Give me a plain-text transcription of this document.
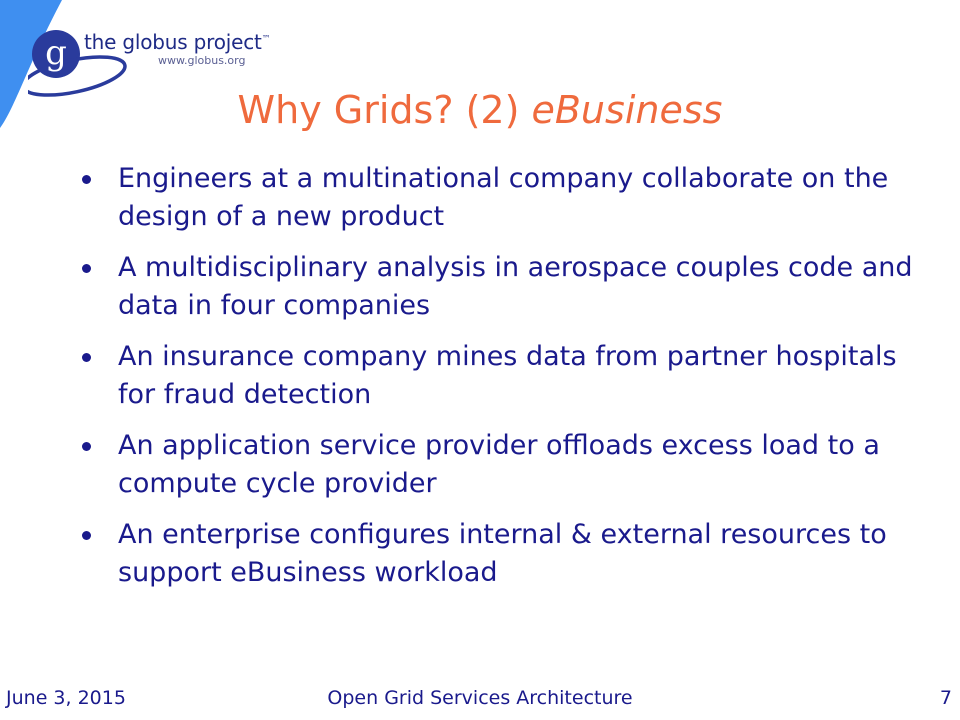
g the globus project™
www.globus.org
Why Grids? (2) eBusiness
Engineers at a multinational company collaborate on the design of a new product
A multidisciplinary analysis in aerospace couples code and data in four companies
An insurance company mines data from partner hospitals for fraud detection
An application service provider offloads excess load to a compute cycle provider
An enterprise configures internal & external resources to support eBusiness workload
June 3, 2015	Open Grid Services Architecture	7
